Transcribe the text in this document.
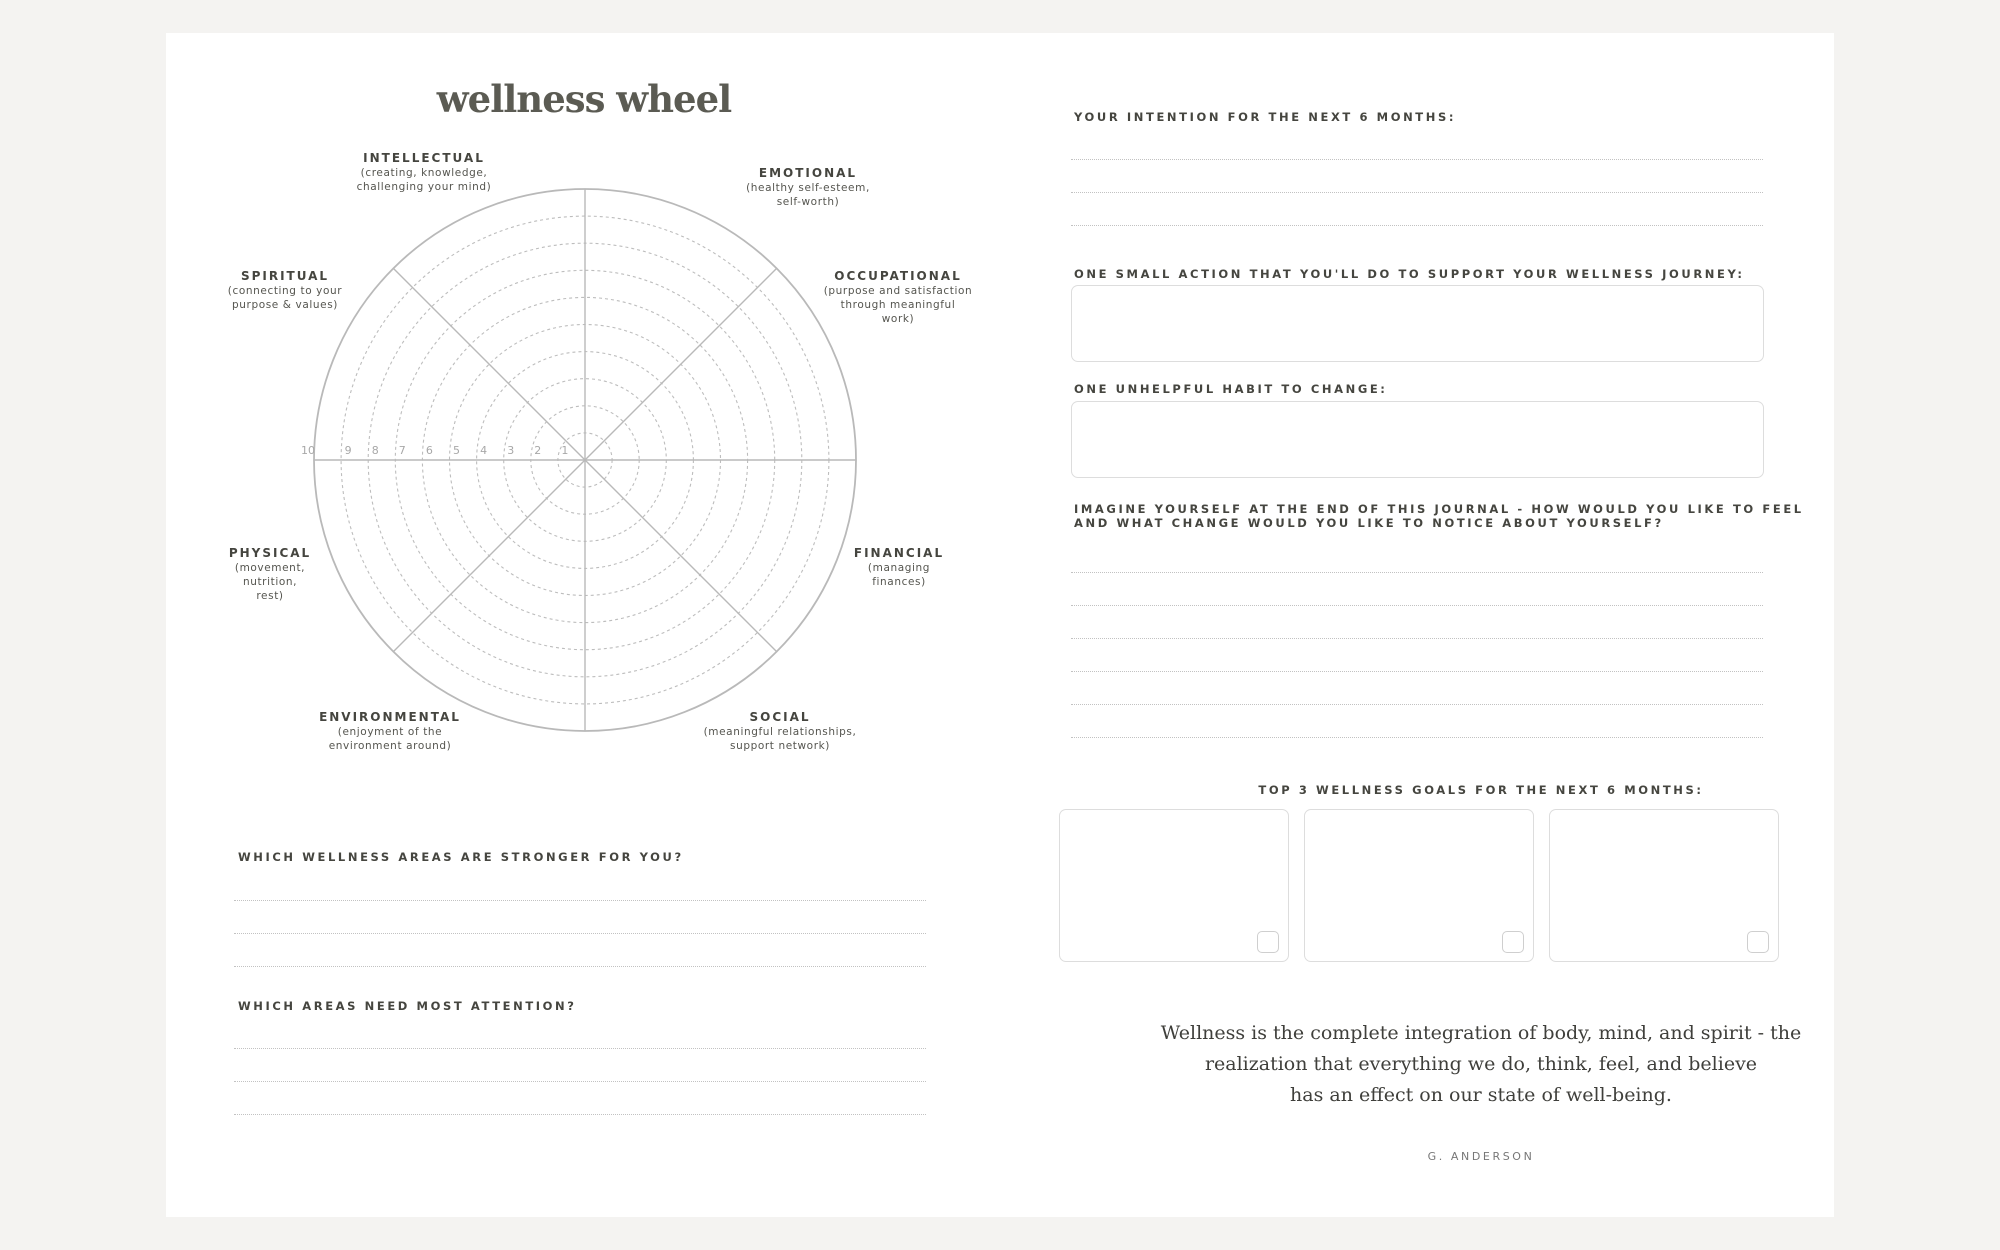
wellness wheel
1
2
3
4
5
6
7
8
9
10
INTELLECTUAL
(creating, knowledge,
challenging your mind)
EMOTIONAL
(healthy self-esteem,
self-worth)
SPIRITUAL
(connecting to your
purpose & values)
OCCUPATIONAL
(purpose and satisfaction
through meaningful
work)
PHYSICAL
(movement,
nutrition,
rest)
FINANCIAL
(managing
finances)
ENVIRONMENTAL
(enjoyment of the
environment around)
SOCIAL
(meaningful relationships,
support network)
WHICH WELLNESS AREAS ARE STRONGER FOR YOU?
WHICH AREAS NEED MOST ATTENTION?
YOUR INTENTION FOR THE NEXT 6 MONTHS:
ONE SMALL ACTION THAT YOU'LL DO TO SUPPORT YOUR WELLNESS JOURNEY:
ONE UNHELPFUL HABIT TO CHANGE:
IMAGINE YOURSELF AT THE END OF THIS JOURNAL - HOW WOULD YOU LIKE TO FEEL
AND WHAT CHANGE WOULD YOU LIKE TO NOTICE ABOUT YOURSELF?
TOP 3 WELLNESS GOALS FOR THE NEXT 6 MONTHS:
Wellness is the complete integration of body, mind, and spirit - the
realization that everything we do, think, feel, and believe
has an effect on our state of well-being.
G. ANDERSON
